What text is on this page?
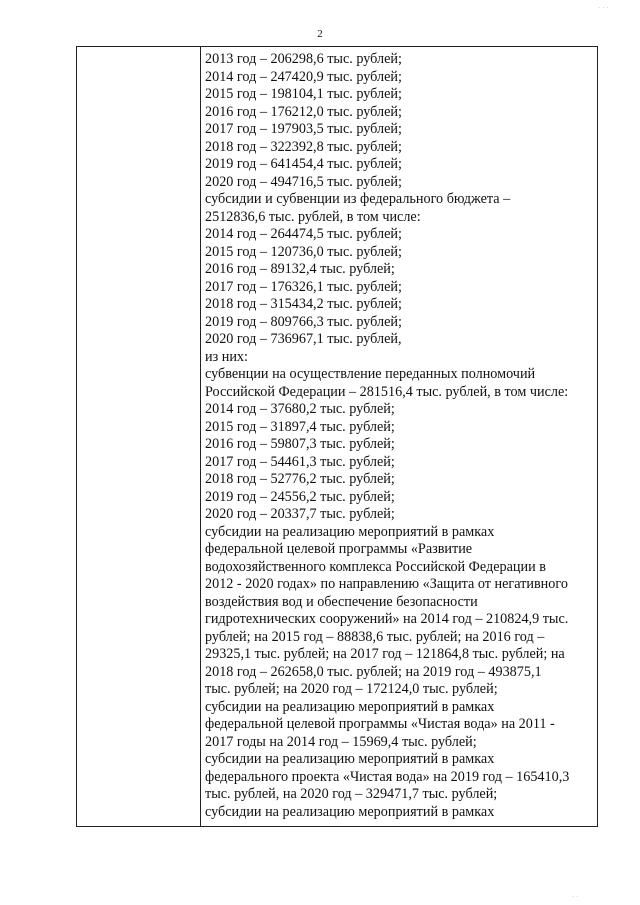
2
2013 год – 206298,6 тыс. рублей;
2014 год – 247420,9 тыс. рублей;
2015 год – 198104,1 тыс. рублей;
2016 год – 176212,0 тыс. рублей;
2017 год – 197903,5 тыс. рублей;
2018 год – 322392,8 тыс. рублей;
2019 год – 641454,4 тыс. рублей;
2020 год – 494716,5 тыс. рублей;
субсидии и субвенции из федерального бюджета –
2512836,6 тыс. рублей, в том числе:
2014 год – 264474,5 тыс. рублей;
2015 год – 120736,0 тыс. рублей;
2016 год – 89132,4 тыс. рублей;
2017 год – 176326,1 тыс. рублей;
2018 год – 315434,2 тыс. рублей;
2019 год – 809766,3 тыс. рублей;
2020 год – 736967,1 тыс. рублей,
из них:
субвенции на осуществление переданных полномочий
Российской Федерации – 281516,4 тыс. рублей, в том числе:
2014 год – 37680,2 тыс. рублей;
2015 год – 31897,4 тыс. рублей;
2016 год – 59807,3 тыс. рублей;
2017 год – 54461,3 тыс. рублей;
2018 год – 52776,2 тыс. рублей;
2019 год – 24556,2 тыс. рублей;
2020 год – 20337,7 тыс. рублей;
субсидии на реализацию мероприятий в рамках
федеральной целевой программы «Развитие
водохозяйственного комплекса Российской Федерации в
2012 - 2020 годах» по направлению «Защита от негативного
воздействия вод и обеспечение безопасности
гидротехнических сооружений» на 2014 год – 210824,9 тыс.
рублей; на 2015 год – 88838,6 тыс. рублей; на 2016 год –
29325,1 тыс. рублей; на 2017 год – 121864,8 тыс. рублей; на
2018 год – 262658,0 тыс. рублей; на 2019 год – 493875,1
тыс. рублей; на 2020 год – 172124,0 тыс. рублей;
субсидии на реализацию мероприятий в рамках
федеральной целевой программы «Чистая вода» на 2011 -
2017 годы на 2014 год – 15969,4 тыс. рублей;
субсидии на реализацию мероприятий в рамках
федерального проекта «Чистая вода» на 2019 год – 165410,3
тыс. рублей, на 2020 год – 329471,7 тыс. рублей;
субсидии на реализацию мероприятий в рамках
· · ·
· ·
